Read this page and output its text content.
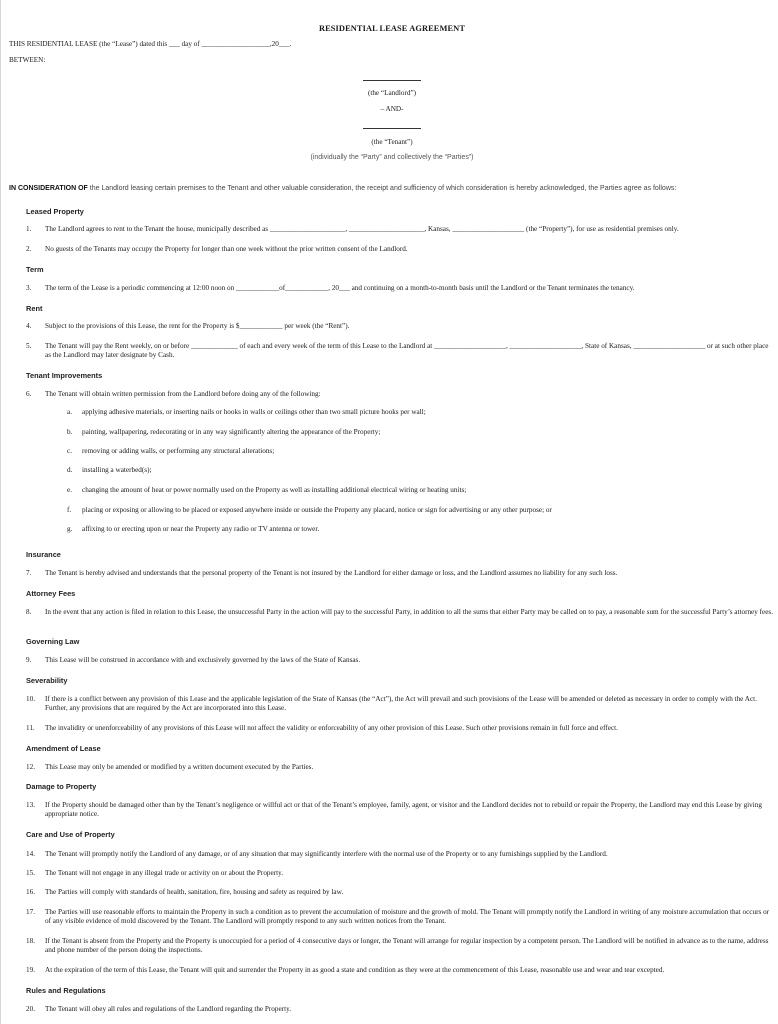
RESIDENTIAL LEASE AGREEMENT
THIS RESIDENTIAL LEASE (the “Lease”) dated this ___ day of ___________________,20___.
BETWEEN:
(the “Landlord”)
– AND-
(the “Tenant”)
(individually the “Party” and collectively the “Parties”)
IN CONSIDERATION OF the Landlord leasing certain premises to the Tenant and other valuable consideration, the receipt and sufficiency of which consideration is hereby acknowledged, the Parties agree as follows:
Leased Property
1. The Landlord agrees to rent to the Tenant the house, municipally described as _____________________, _____________________, Kansas, ____________________ (the “Property”), for use as residential premises only.
2. No guests of the Tenants may occupy the Property for longer than one week without the prior written consent of the Landlord.
Term
3. The term of the Lease is a periodic commencing at 12:00 noon on ____________of____________, 20___ and continuing on a month-to-month basis until the Landlord or the Tenant terminates the tenancy.
Rent
4. Subject to the provisions of this Lease, the rent for the Property is $____________ per week (the “Rent”).
5. The Tenant will pay the Rent weekly, on or before _____________ of each and every week of the term of this Lease to the Landlord at ____________________, ____________________, State of Kansas, ____________________ or at such other place as the Landlord may later designate by Cash.
Tenant Improvements
6. The Tenant will obtain written permission from the Landlord before doing any of the following:
a. applying adhesive materials, or inserting nails or hooks in walls or ceilings other than two small picture hooks per wall;
b. painting, wallpapering, redecorating or in any way significantly altering the appearance of the Property;
c. removing or adding walls, or performing any structural alterations;
d. installing a waterbed(s);
e. changing the amount of heat or power normally used on the Property as well as installing additional electrical wiring or heating units;
f. placing or exposing or allowing to be placed or exposed anywhere inside or outside the Property any placard, notice or sign for advertising or any other purpose; or
g. affixing to or erecting upon or near the Property any radio or TV antenna or tower.
Insurance
7. The Tenant is hereby advised and understands that the personal property of the Tenant is not insured by the Landlord for either damage or loss, and the Landlord assumes no liability for any such loss.
Attorney Fees
8. In the event that any action is filed in relation to this Lease, the unsuccessful Party in the action will pay to the successful Party, in addition to all the sums that either Party may be called on to pay, a reasonable sum for the successful Party’s attorney fees.
Governing Law
9. This Lease will be construed in accordance with and exclusively governed by the laws of the State of Kansas.
Severability
10. If there is a conflict between any provision of this Lease and the applicable legislation of the State of Kansas (the “Act”), the Act will prevail and such provisions of the Lease will be amended or deleted as necessary in order to comply with the Act. Further, any provisions that are required by the Act are incorporated into this Lease.
11. The invalidity or unenforceability of any provisions of this Lease will not affect the validity or enforceability of any other provision of this Lease. Such other provisions remain in full force and effect.
Amendment of Lease
12. This Lease may only be amended or modified by a written document executed by the Parties.
Damage to Property
13. If the Property should be damaged other than by the Tenant’s negligence or willful act or that of the Tenant’s employee, family, agent, or visitor and the Landlord decides not to rebuild or repair the Property, the Landlord may end this Lease by giving appropriate notice.
Care and Use of Property
14. The Tenant will promptly notify the Landlord of any damage, or of any situation that may significantly interfere with the normal use of the Property or to any furnishings supplied by the Landlord.
15. The Tenant will not engage in any illegal trade or activity on or about the Property.
16. The Parties will comply with standards of health, sanitation, fire, housing and safety as required by law.
17. The Parties will use reasonable efforts to maintain the Property in such a condition as to prevent the accumulation of moisture and the growth of mold. The Tenant will promptly notify the Landlord in writing of any moisture accumulation that occurs or of any visible evidence of mold discovered by the Tenant. The Landlord will promptly respond to any such written notices from the Tenant.
18. If the Tenant is absent from the Property and the Property is unoccupied for a period of 4 consecutive days or longer, the Tenant will arrange for regular inspection by a competent person. The Landlord will be notified in advance as to the name, address and phone number of the person doing the inspections.
19. At the expiration of the term of this Lease, the Tenant will quit and surrender the Property in as good a state and condition as they were at the commencement of this Lease, reasonable use and wear and tear excepted.
Rules and Regulations
20. The Tenant will obey all rules and regulations of the Landlord regarding the Property.
